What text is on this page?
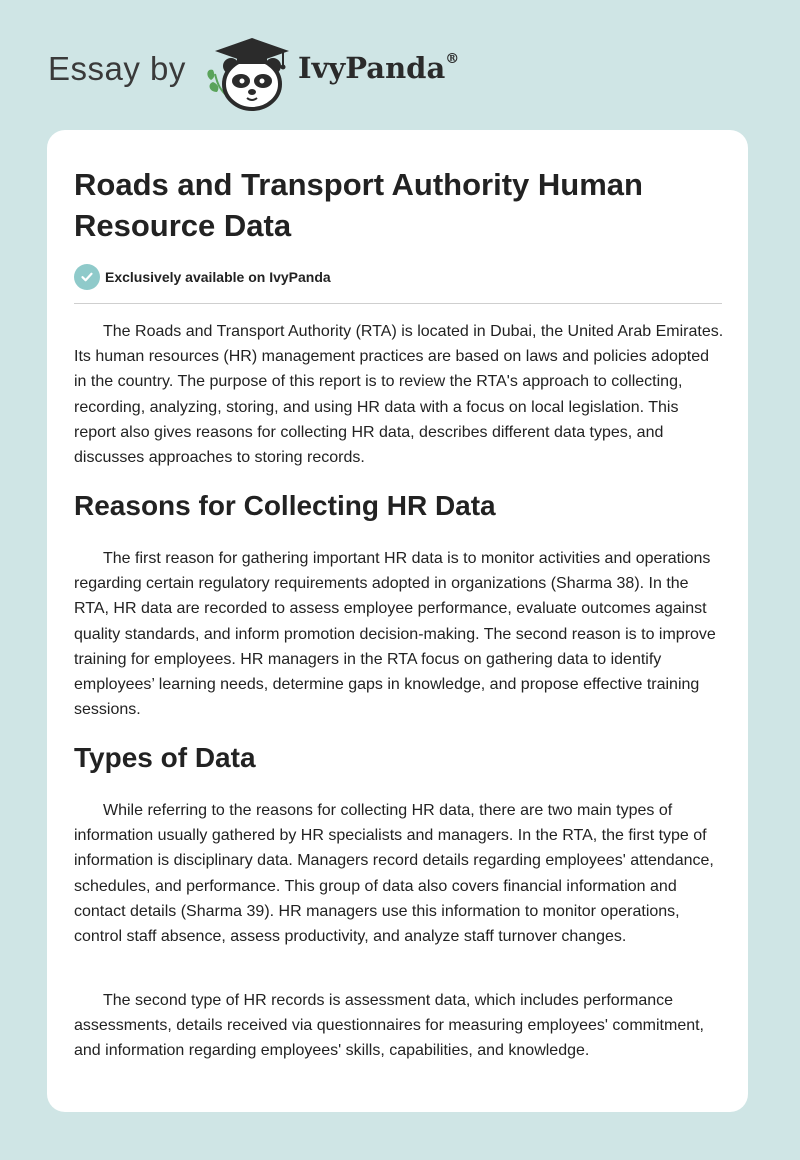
Essay by	IvyPanda®
Roads and Transport Authority Human Resource Data
Exclusively available on IvyPanda

The Roads and Transport Authority (RTA) is located in Dubai, the United Arab Emirates. Its human resources (HR) management practices are based on laws and policies adopted in the country. The purpose of this report is to review the RTA's approach to collecting, recording, analyzing, storing, and using HR data with a focus on local legislation. This report also gives reasons for collecting HR data, describes different data types, and discusses approaches to storing records.

Reasons for Collecting HR Data

The first reason for gathering important HR data is to monitor activities and operations regarding certain regulatory requirements adopted in organizations (Sharma 38). In the RTA, HR data are recorded to assess employee performance, evaluate outcomes against quality standards, and inform promotion decision-making. The second reason is to improve training for employees. HR managers in the RTA focus on gathering data to identify employees’ learning needs, determine gaps in knowledge, and propose effective training sessions.

Types of Data

While referring to the reasons for collecting HR data, there are two main types of information usually gathered by HR specialists and managers. In the RTA, the first type of information is disciplinary data. Managers record details regarding employees' attendance, schedules, and performance. This group of data also covers financial information and contact details (Sharma 39). HR managers use this information to monitor operations, control staff absence, assess productivity, and analyze staff turnover changes.

The second type of HR records is assessment data, which includes performance assessments, details received via questionnaires for measuring employees' commitment, and information regarding employees' skills, capabilities, and knowledge.
